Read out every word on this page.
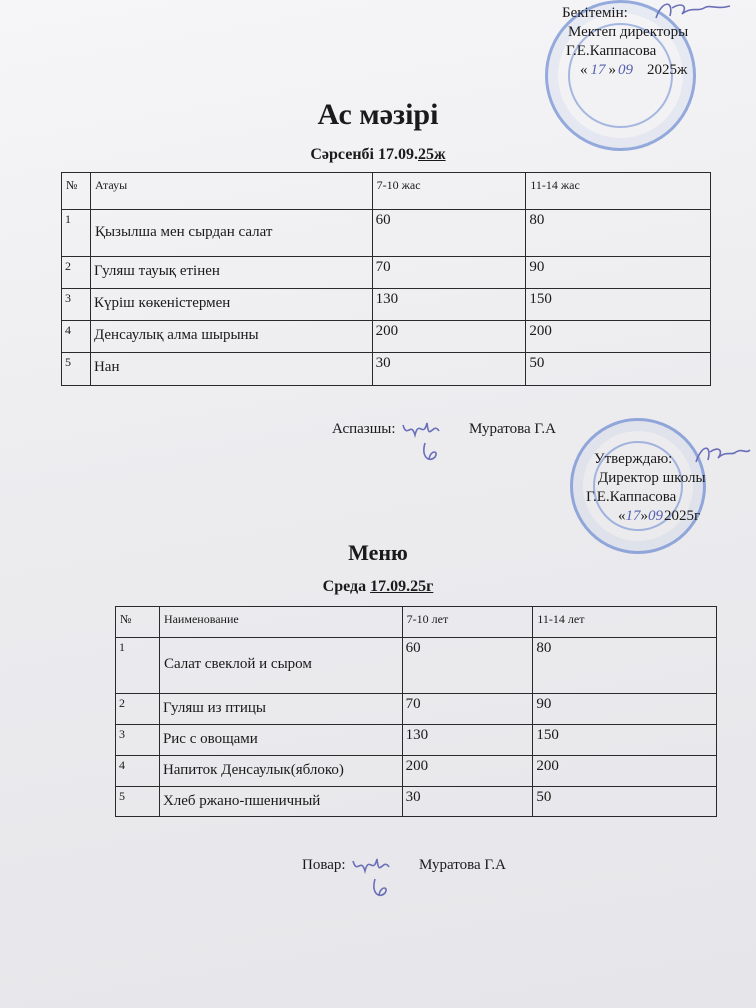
Бекітемін:
Мектеп директоры
Г.Е.Каппасова
« 17 » 09 2025ж
Ас мәзірі
Сәрсенбі 17.09.25ж
№	Атауы	7-10 жас	11-14 жас
1	Қызылша мен сырдан салат	60	80
2	Гуляш тауық етінен	70	90
3	Күріш көкеністермен	130	150
4	Денсаулық алма шырыны	200	200
5	Нан	30	50
Аспазшы:	Муратова Г.А
Утверждаю:
Директор школы
Г.Е.Каппасова
«17»092025г
Меню
Среда 17.09.25г
№	Наименование	7-10 лет	11-14 лет
1	Салат свеклой и сыром	60	80
2	Гуляш из птицы	70	90
3	Рис с овощами	130	150
4	Напиток Денсаулык(яблоко)	200	200
5	Хлеб ржано-пшеничный	30	50
Повар:	Муратова Г.А
